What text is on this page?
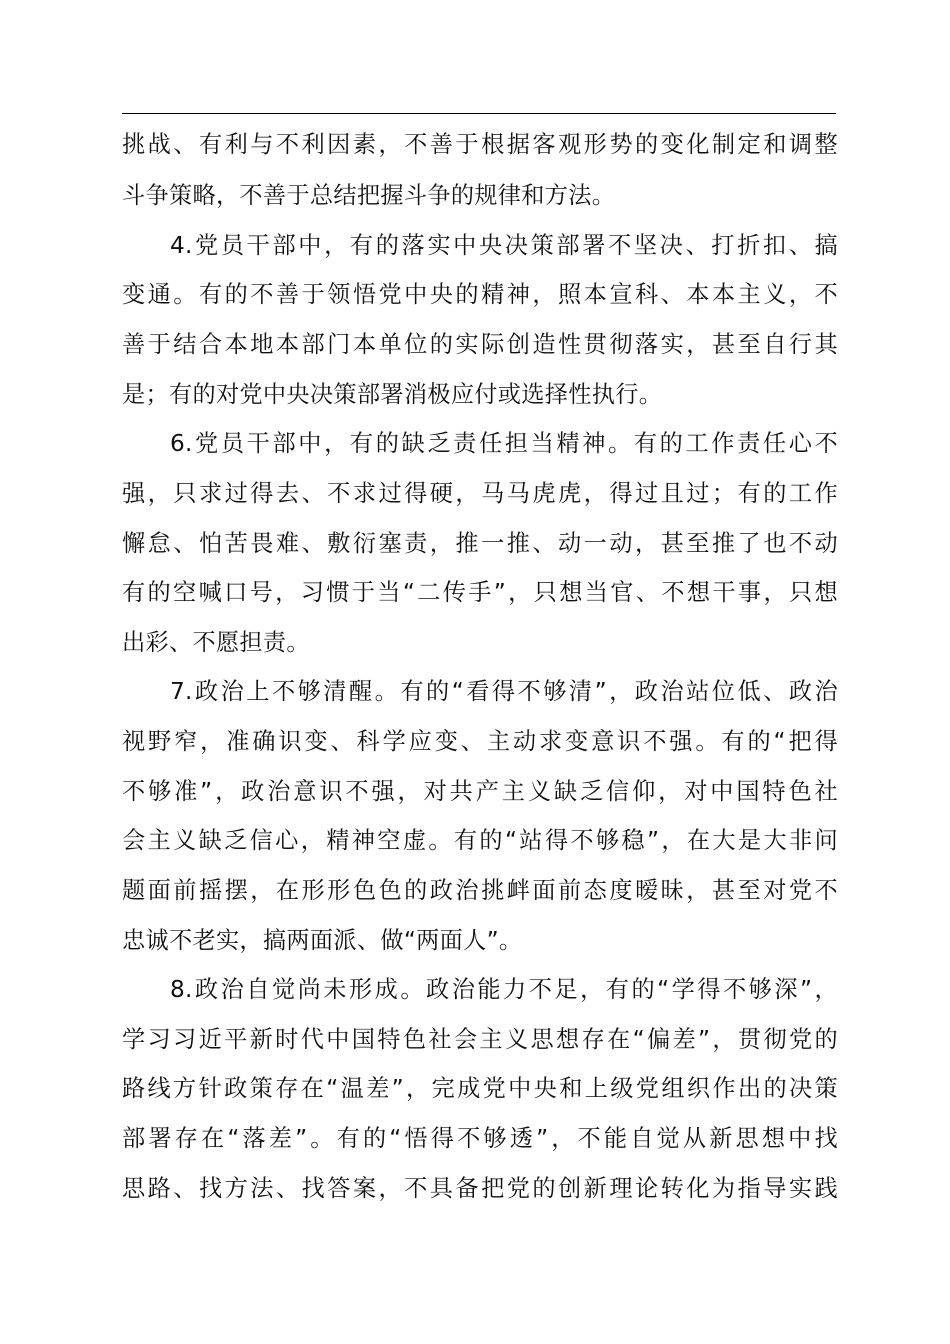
挑战、有利与不利因素，不善于根据客观形势的变化制定和调整
斗争策略，不善于总结把握斗争的规律和方法。
4.党员干部中，有的落实中央决策部署不坚决、打折扣、搞
变通。有的不善于领悟党中央的精神，照本宣科、本本主义，不
善于结合本地本部门本单位的实际创造性贯彻落实，甚至自行其
是；有的对党中央决策部署消极应付或选择性执行。
6.党员干部中，有的缺乏责任担当精神。有的工作责任心不
强，只求过得去、不求过得硬，马马虎虎，得过且过；有的工作
懈怠、怕苦畏难、敷衍塞责，推一推、动一动，甚至推了也不动
有的空喊口号，习惯于当“二传手”，只想当官、不想干事，只想
出彩、不愿担责。
7.政治上不够清醒。有的“看得不够清”，政治站位低、政治
视野窄，准确识变、科学应变、主动求变意识不强。有的“把得
不够准”，政治意识不强，对共产主义缺乏信仰，对中国特色社
会主义缺乏信心，精神空虚。有的“站得不够稳”，在大是大非问
题面前摇摆，在形形色色的政治挑衅面前态度暧昧，甚至对党不
忠诚不老实，搞两面派、做“两面人”。
8.政治自觉尚未形成。政治能力不足，有的“学得不够深”，
学习习近平新时代中国特色社会主义思想存在“偏差”，贯彻党的
路线方针政策存在“温差”，完成党中央和上级党组织作出的决策
部署存在“落差”。有的“悟得不够透”，不能自觉从新思想中找
思路、找方法、找答案，不具备把党的创新理论转化为指导实践
